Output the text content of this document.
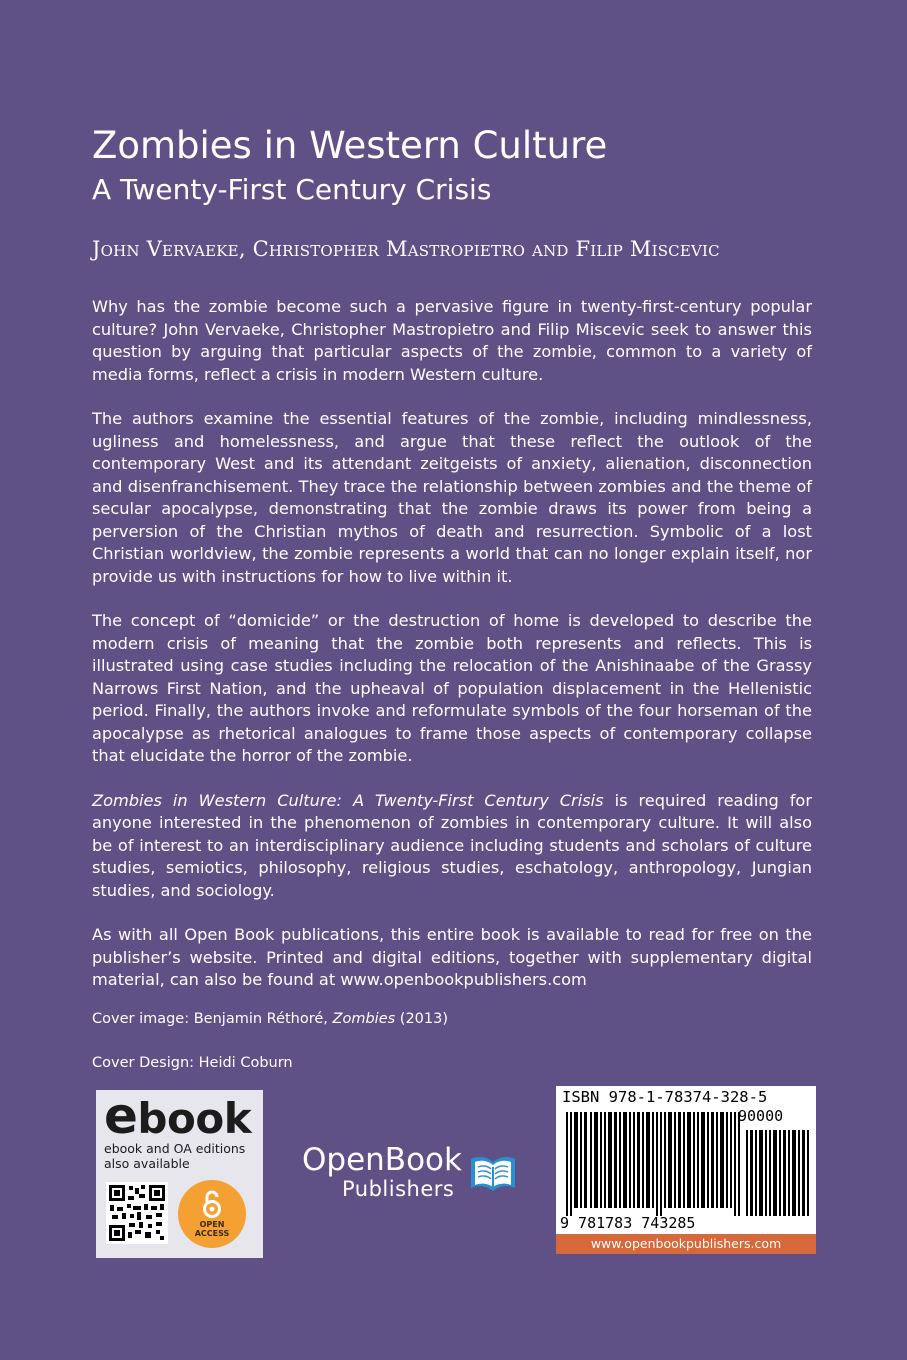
Zombies in Western Culture
A Twenty-First Century Crisis
John Vervaeke, Christopher Mastropietro and Filip Miscevic

Why has the zombie become such a pervasive figure in twenty-first-century popular culture? John Vervaeke, Christopher Mastropietro and Filip Miscevic seek to answer this question by arguing that particular aspects of the zombie, common to a variety of media forms, reflect a crisis in modern Western culture.

The authors examine the essential features of the zombie, including mindlessness, ugliness and homelessness, and argue that these reflect the outlook of the contemporary West and its attendant zeitgeists of anxiety, alienation, disconnection and disenfranchisement. They trace the relationship between zombies and the theme of secular apocalypse, demonstrating that the zombie draws its power from being a perversion of the Christian mythos of death and resurrection. Symbolic of a lost Christian worldview, the zombie represents a world that can no longer explain itself, nor provide us with instructions for how to live within it.

The concept of “domicide” or the destruction of home is developed to describe the modern crisis of meaning that the zombie both represents and reflects. This is illustrated using case studies including the relocation of the Anishinaabe of the Grassy Narrows First Nation, and the upheaval of population displacement in the Hellenistic period. Finally, the authors invoke and reformulate symbols of the four horseman of the apocalypse as rhetorical analogues to frame those aspects of contemporary collapse that elucidate the horror of the zombie.

Zombies in Western Culture: A Twenty-First Century Crisis is required reading for anyone interested in the phenomenon of zombies in contemporary culture. It will also be of interest to an interdisciplinary audience including students and scholars of culture studies, semiotics, philosophy, religious studies, eschatology, anthropology, Jungian studies, and sociology.

As with all Open Book publications, this entire book is available to read for free on the publisher’s website. Printed and digital editions, together with supplementary digital material, can also be found at www.openbookpublishers.com

Cover image: Benjamin Réthoré, Zombies (2013)

Cover Design: Heidi Coburn

ebook
ebook and OA editions
also available
OPEN
ACCESS
OpenBook
Publishers
ISBN 978-1-78374-328-5
90000
9 781783 743285
www.openbookpublishers.com
